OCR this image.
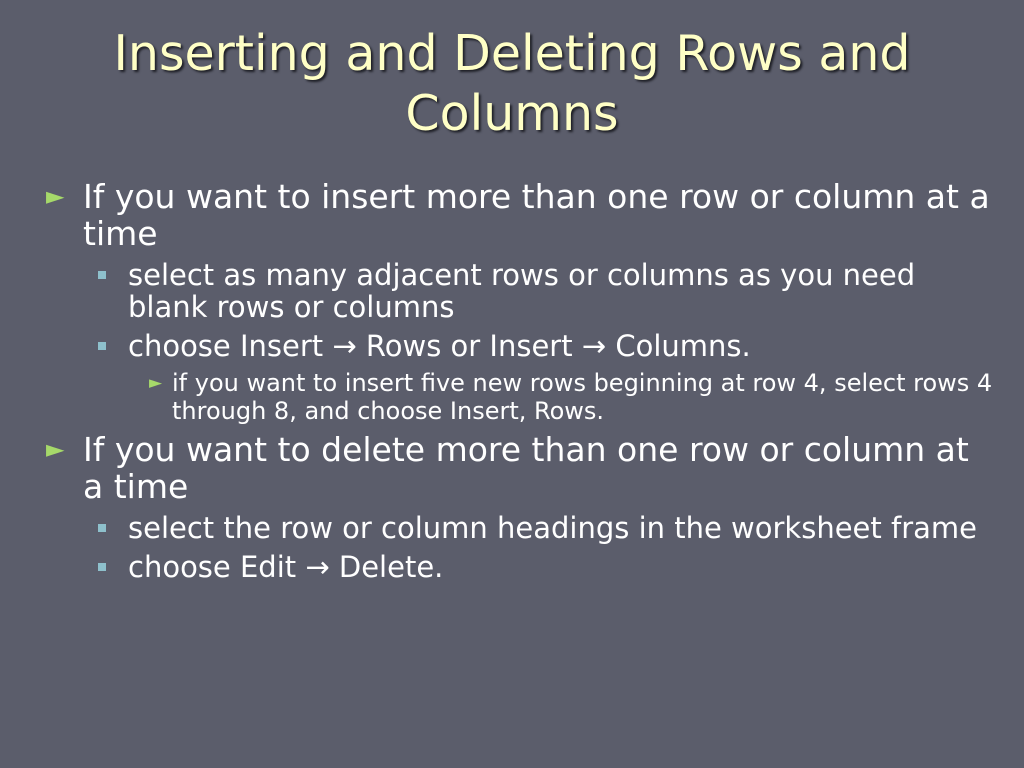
Inserting and Deleting Rows and Columns
► If you want to insert more than one row or column at a time
select as many adjacent rows or columns as you need blank rows or columns
choose Insert → Rows or Insert → Columns.
► if you want to insert five new rows beginning at row 4, select rows 4 through 8, and choose Insert, Rows.
► If you want to delete more than one row or column at a time
select the row or column headings in the worksheet frame
choose Edit → Delete.
